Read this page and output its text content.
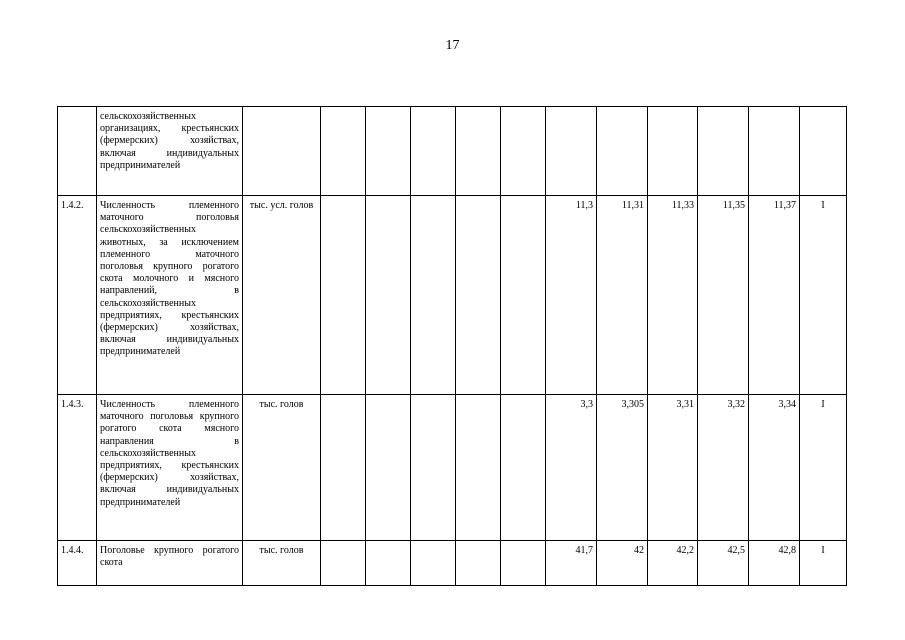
17
	сельскохозяйственных организациях, крестьянских (фермерских) хозяйствах, включая индивидуальных предпринимателей												
1.4.2.	Численность племенного маточного поголовья сельскохозяйственных животных, за исключением племенного маточного поголовья крупного рогатого скота молочного и мясного направлений, в сельскохозяйственных предприятиях, крестьянских (фермерских) хозяйствах, включая индивидуальных предпринимателей	тыс. усл. голов						11,3	11,31	11,33	11,35	11,37	I
1.4.3.	Численность племенного маточного поголовья крупного рогатого скота мясного направления в сельскохозяйственных предприятиях, крестьянских (фермерских) хозяйствах, включая индивидуальных предпринимателей	тыс. голов						3,3	3,305	3,31	3,32	3,34	I
1.4.4.	Поголовье крупного рогатого скота	тыс. голов						41,7	42	42,2	42,5	42,8	I
